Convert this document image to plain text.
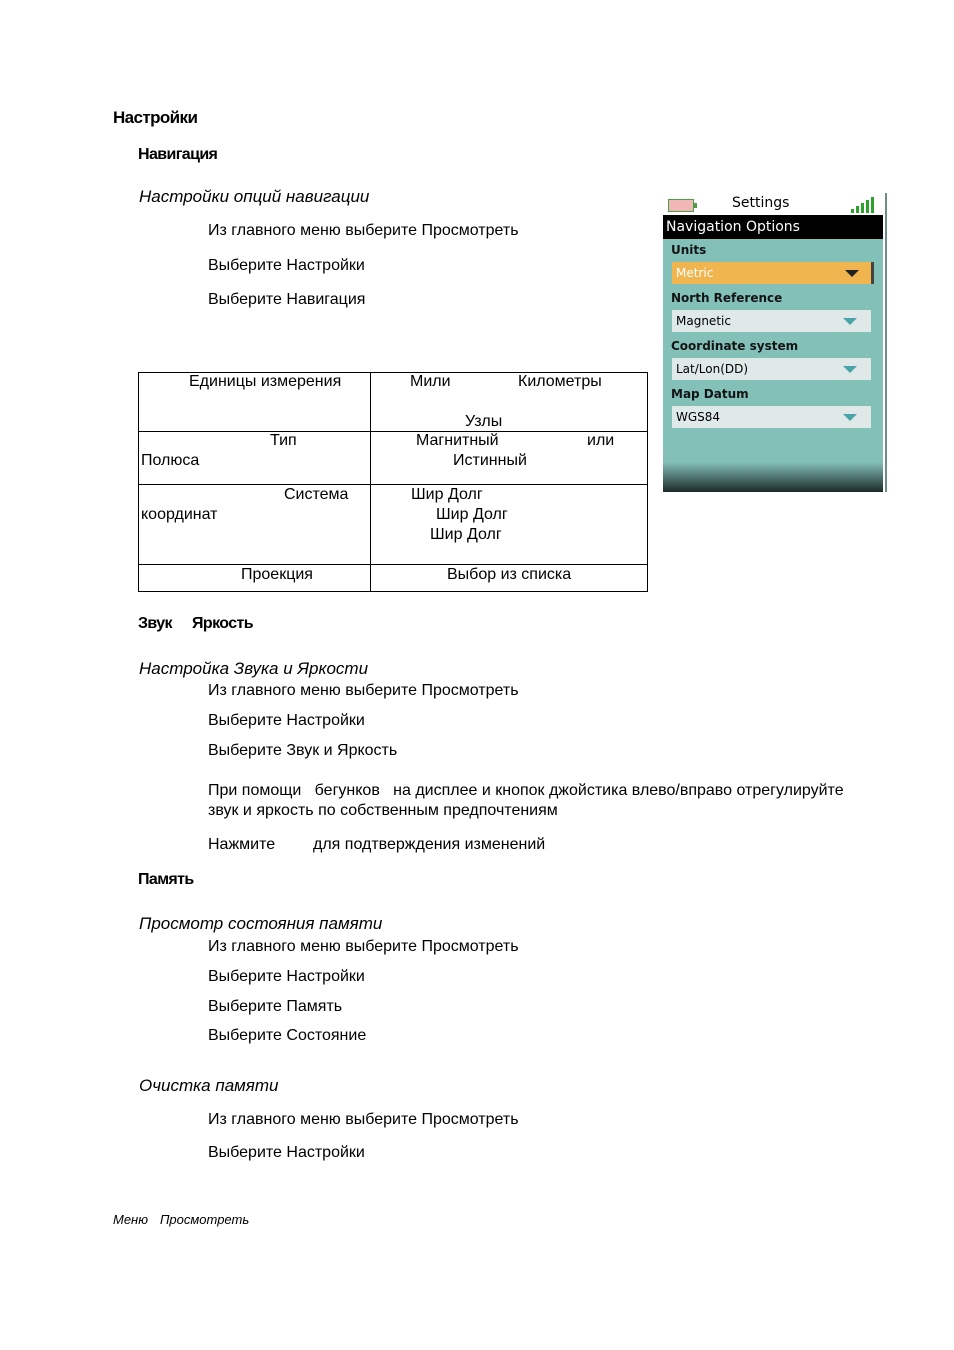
Настройки
Навигация
Настройки опций навигации
Из главного меню выберите Просмотреть
Выберите Настройки
Выберите Навигация
Единицы измерения	Мили Километры
Узлы

Тип
Полюса	Магнитный или
Истинный

Система
координат	Шир Долг
Шир Долг
Шир Долг

Проекция	Выбор из списка
Звук Яркость
Настройка Звука и Яркости
Из главного меню выберите Просмотреть
Выберите Настройки
Выберите Звук и Яркость
При помощи   бегунков   на дисплее и кнопок джойстика влево/вправо отрегулируйте
звук и яркость по собственным предпочтениям
Нажмите для подтверждения изменений
Память
Просмотр состояния памяти
Из главного меню выберите Просмотреть
Выберите Настройки
Выберите Память
Выберите Состояние
Очистка памяти
Из главного меню выберите Просмотреть
Выберите Настройки
Меню Просмотреть
Settings
Navigation Options
Units
Metric
North Reference
Magnetic
Coordinate system
Lat/Lon(DD)
Map Datum
WGS84
